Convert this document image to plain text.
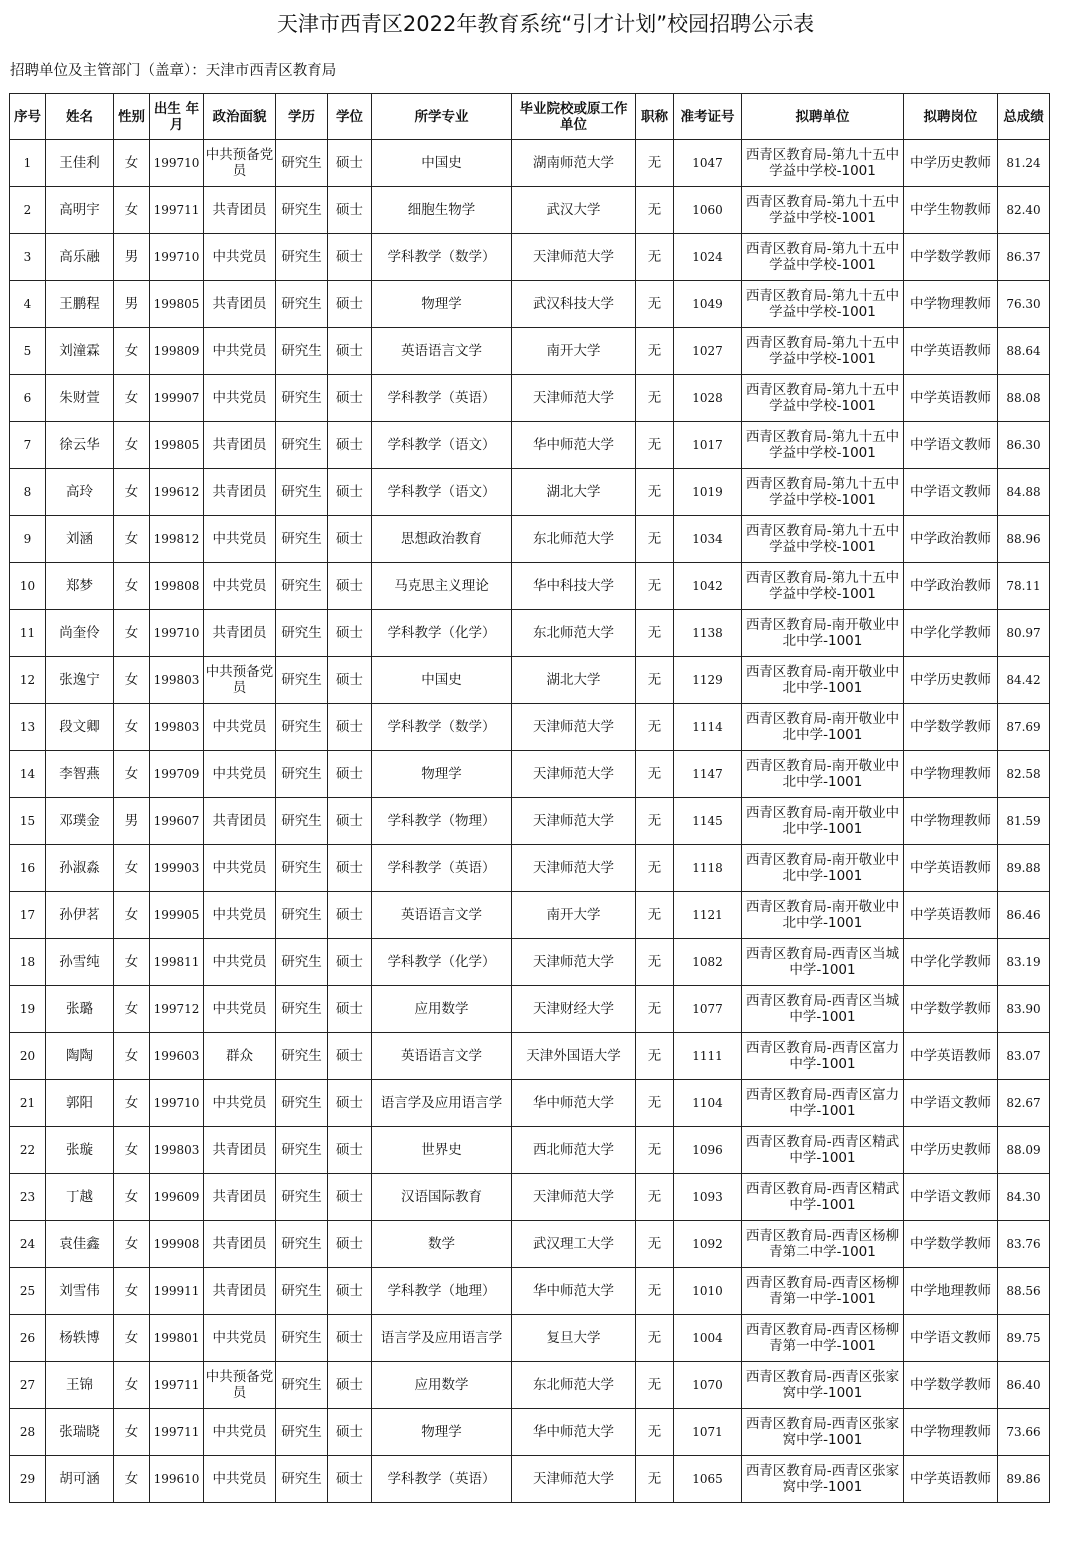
天津市西青区2022年教育系统“引才计划”校园招聘公示表
招聘单位及主管部门（盖章）：天津市西青区教育局
序号	姓名	性别	出生 年月	政治面貌	学历	学位	所学专业	毕业院校或原工作单位	职称	准考证号	拟聘单位	拟聘岗位	总成绩
1	王佳利	女	199710	中共预备党员	研究生	硕士	中国史	湖南师范大学	无	1047	西青区教育局-第九十五中学益中学校-1001	中学历史教师	81.24
2	高明宇	女	199711	共青团员	研究生	硕士	细胞生物学	武汉大学	无	1060	西青区教育局-第九十五中学益中学校-1001	中学生物教师	82.40
3	高乐融	男	199710	中共党员	研究生	硕士	学科教学（数学）	天津师范大学	无	1024	西青区教育局-第九十五中学益中学校-1001	中学数学教师	86.37
4	王鹏程	男	199805	共青团员	研究生	硕士	物理学	武汉科技大学	无	1049	西青区教育局-第九十五中学益中学校-1001	中学物理教师	76.30
5	刘潼霖	女	199809	中共党员	研究生	硕士	英语语言文学	南开大学	无	1027	西青区教育局-第九十五中学益中学校-1001	中学英语教师	88.64
6	朱财萱	女	199907	中共党员	研究生	硕士	学科教学（英语）	天津师范大学	无	1028	西青区教育局-第九十五中学益中学校-1001	中学英语教师	88.08
7	徐云华	女	199805	共青团员	研究生	硕士	学科教学（语文）	华中师范大学	无	1017	西青区教育局-第九十五中学益中学校-1001	中学语文教师	86.30
8	高玲	女	199612	共青团员	研究生	硕士	学科教学（语文）	湖北大学	无	1019	西青区教育局-第九十五中学益中学校-1001	中学语文教师	84.88
9	刘涵	女	199812	中共党员	研究生	硕士	思想政治教育	东北师范大学	无	1034	西青区教育局-第九十五中学益中学校-1001	中学政治教师	88.96
10	郑梦	女	199808	中共党员	研究生	硕士	马克思主义理论	华中科技大学	无	1042	西青区教育局-第九十五中学益中学校-1001	中学政治教师	78.11
11	尚奎伶	女	199710	共青团员	研究生	硕士	学科教学（化学）	东北师范大学	无	1138	西青区教育局-南开敬业中北中学-1001	中学化学教师	80.97
12	张逸宁	女	199803	中共预备党员	研究生	硕士	中国史	湖北大学	无	1129	西青区教育局-南开敬业中北中学-1001	中学历史教师	84.42
13	段文卿	女	199803	中共党员	研究生	硕士	学科教学（数学）	天津师范大学	无	1114	西青区教育局-南开敬业中北中学-1001	中学数学教师	87.69
14	李智燕	女	199709	中共党员	研究生	硕士	物理学	天津师范大学	无	1147	西青区教育局-南开敬业中北中学-1001	中学物理教师	82.58
15	邓璞金	男	199607	共青团员	研究生	硕士	学科教学（物理）	天津师范大学	无	1145	西青区教育局-南开敬业中北中学-1001	中学物理教师	81.59
16	孙淑淼	女	199903	中共党员	研究生	硕士	学科教学（英语）	天津师范大学	无	1118	西青区教育局-南开敬业中北中学-1001	中学英语教师	89.88
17	孙伊茗	女	199905	中共党员	研究生	硕士	英语语言文学	南开大学	无	1121	西青区教育局-南开敬业中北中学-1001	中学英语教师	86.46
18	孙雪纯	女	199811	中共党员	研究生	硕士	学科教学（化学）	天津师范大学	无	1082	西青区教育局-西青区当城中学-1001	中学化学教师	83.19
19	张璐	女	199712	中共党员	研究生	硕士	应用数学	天津财经大学	无	1077	西青区教育局-西青区当城中学-1001	中学数学教师	83.90
20	陶陶	女	199603	群众	研究生	硕士	英语语言文学	天津外国语大学	无	1111	西青区教育局-西青区富力中学-1001	中学英语教师	83.07
21	郭阳	女	199710	中共党员	研究生	硕士	语言学及应用语言学	华中师范大学	无	1104	西青区教育局-西青区富力中学-1001	中学语文教师	82.67
22	张璇	女	199803	共青团员	研究生	硕士	世界史	西北师范大学	无	1096	西青区教育局-西青区精武中学-1001	中学历史教师	88.09
23	丁越	女	199609	共青团员	研究生	硕士	汉语国际教育	天津师范大学	无	1093	西青区教育局-西青区精武中学-1001	中学语文教师	84.30
24	袁佳鑫	女	199908	共青团员	研究生	硕士	数学	武汉理工大学	无	1092	西青区教育局-西青区杨柳青第二中学-1001	中学数学教师	83.76
25	刘雪伟	女	199911	共青团员	研究生	硕士	学科教学（地理）	华中师范大学	无	1010	西青区教育局-西青区杨柳青第一中学-1001	中学地理教师	88.56
26	杨轶博	女	199801	中共党员	研究生	硕士	语言学及应用语言学	复旦大学	无	1004	西青区教育局-西青区杨柳青第一中学-1001	中学语文教师	89.75
27	王锦	女	199711	中共预备党员	研究生	硕士	应用数学	东北师范大学	无	1070	西青区教育局-西青区张家窝中学-1001	中学数学教师	86.40
28	张瑞晓	女	199711	中共党员	研究生	硕士	物理学	华中师范大学	无	1071	西青区教育局-西青区张家窝中学-1001	中学物理教师	73.66
29	胡可涵	女	199610	中共党员	研究生	硕士	学科教学（英语）	天津师范大学	无	1065	西青区教育局-西青区张家窝中学-1001	中学英语教师	89.86
